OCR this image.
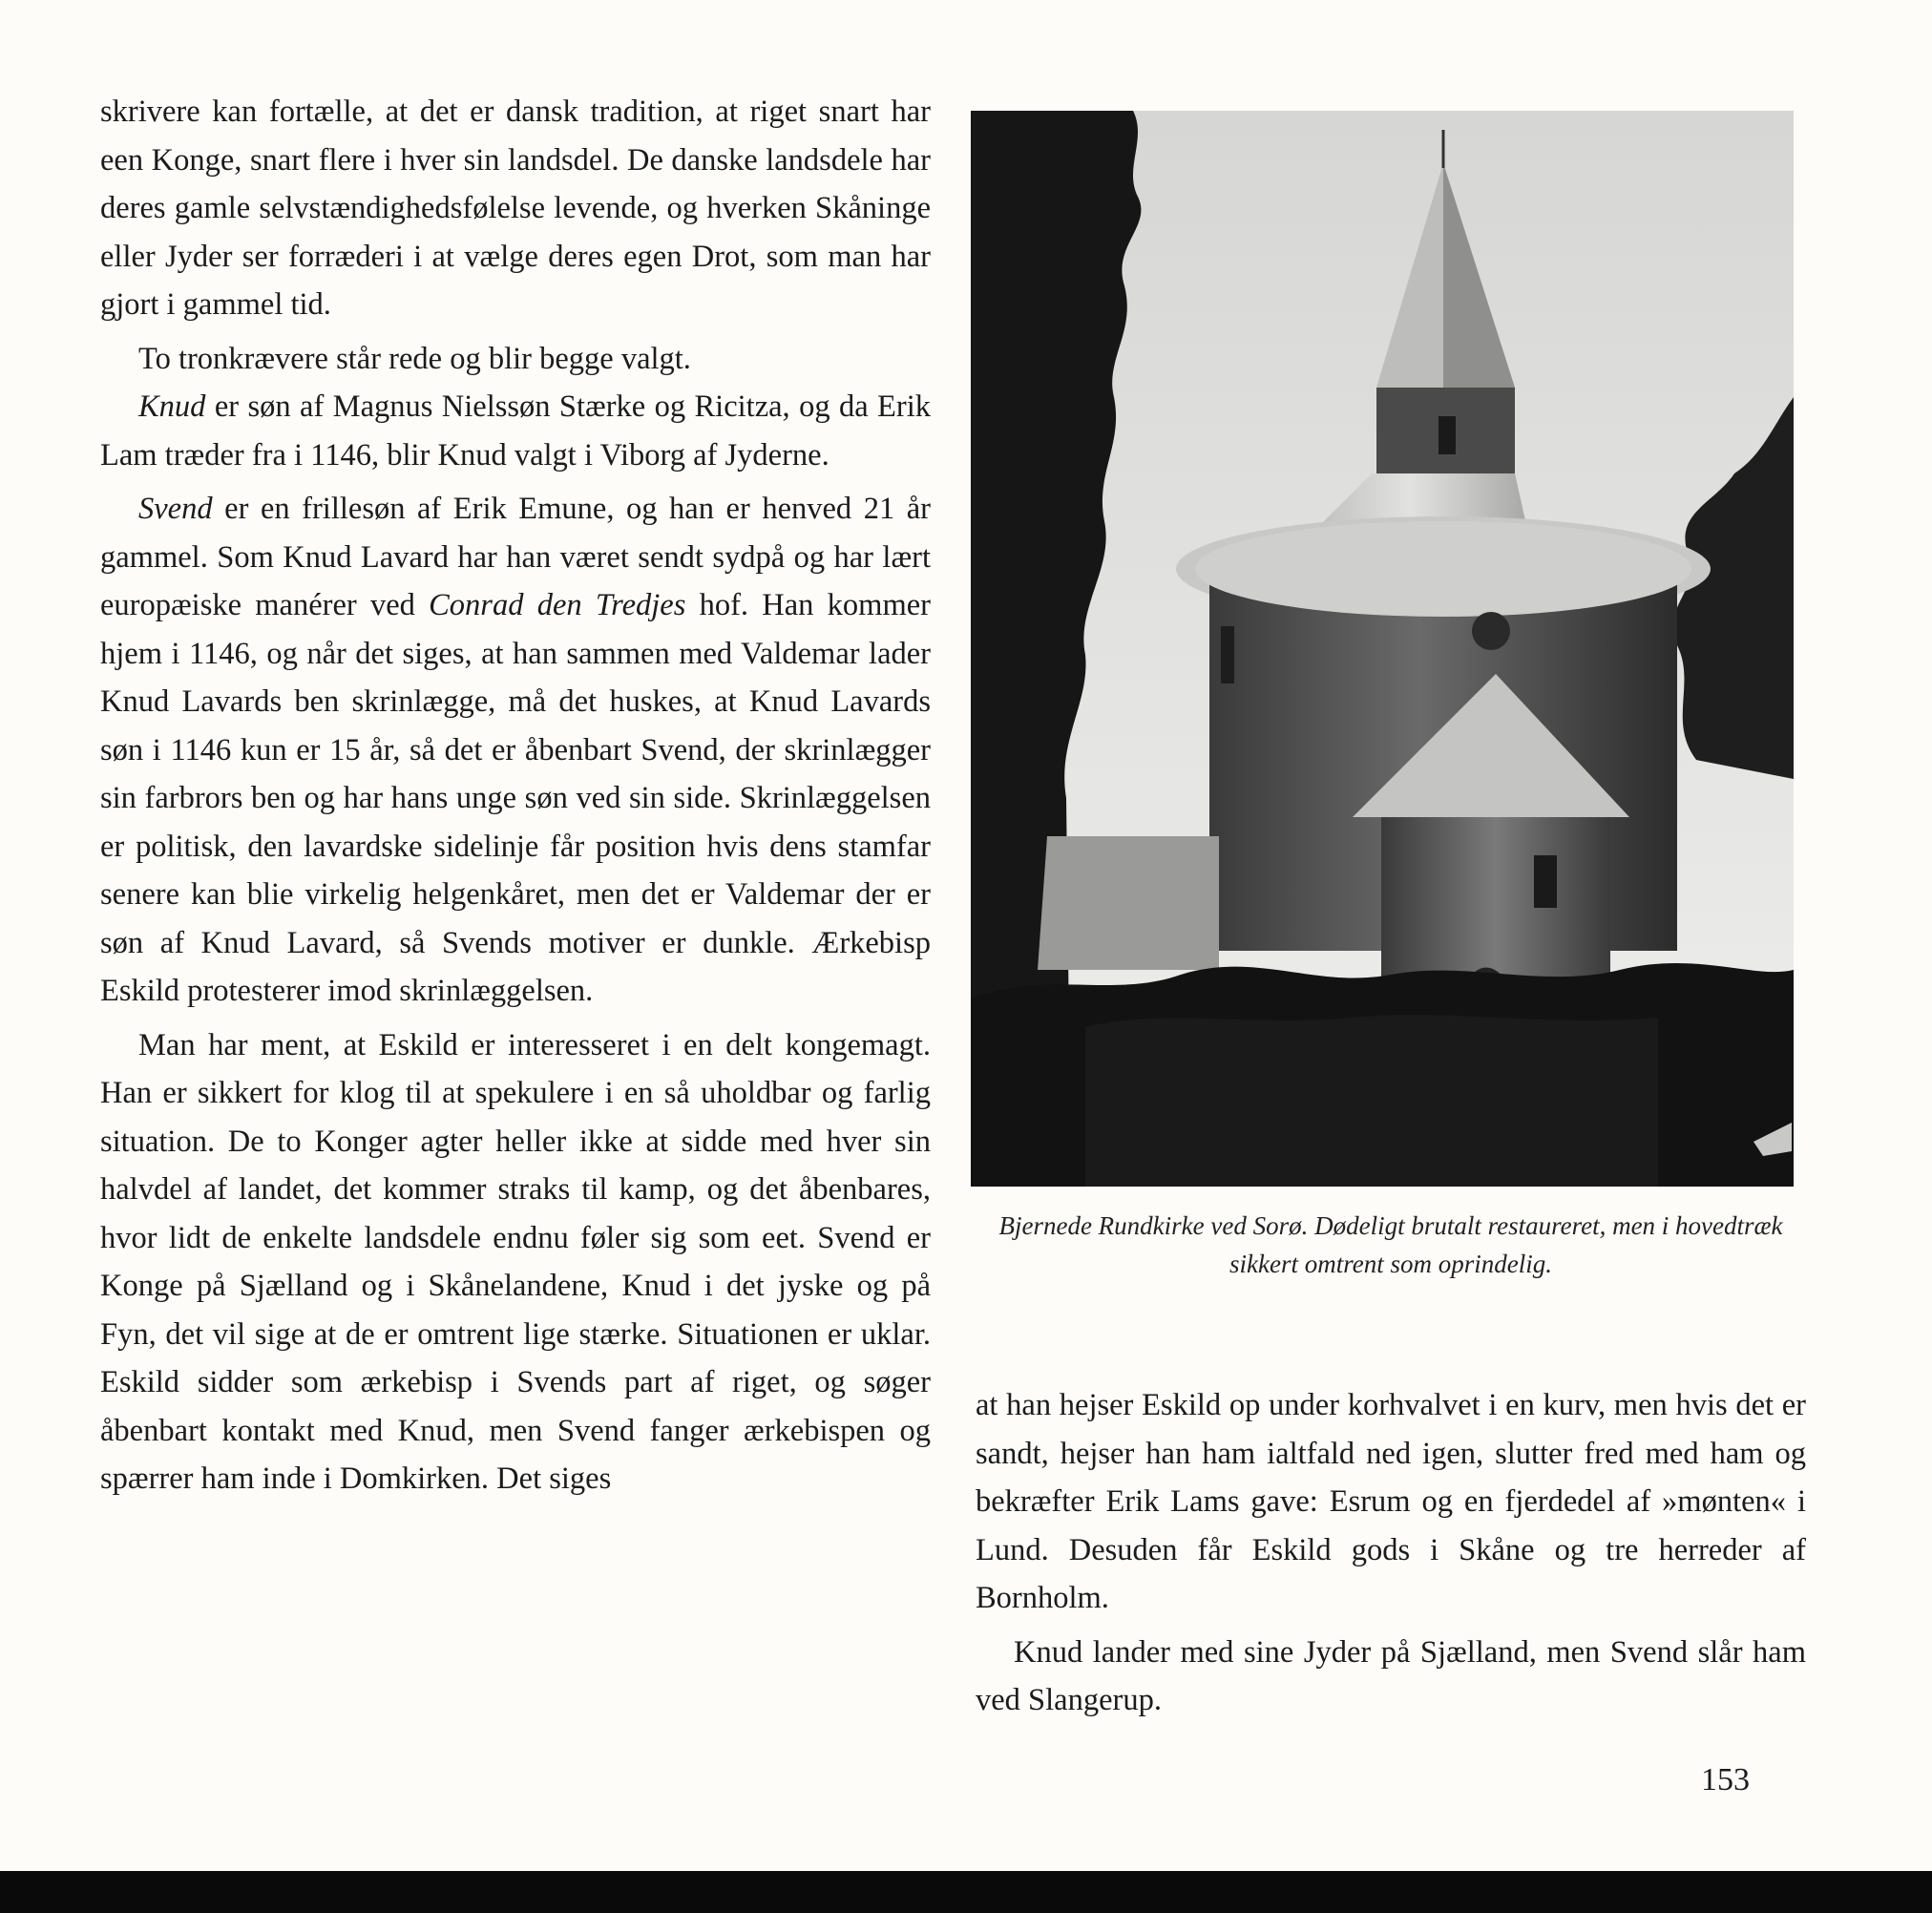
skrivere kan fortælle, at det er dansk tradition, at riget snart har een Konge, snart flere i hver sin landsdel. De danske landsdele har deres gamle selvstændighedsfølelse levende, og hverken Skåninge eller Jyder ser forræderi i at vælge deres egen Drot, som man har gjort i gammel tid.

To tronkrævere står rede og blir begge valgt.

Knud er søn af Magnus Nielssøn Stærke og Ricitza, og da Erik Lam træder fra i 1146, blir Knud valgt i Viborg af Jyderne.

Svend er en frillesøn af Erik Emune, og han er henved 21 år gammel. Som Knud Lavard har han været sendt sydpå og har lært europæiske manérer ved Conrad den Tredjes hof. Han kommer hjem i 1146, og når det siges, at han sammen med Valdemar lader Knud Lavards ben skrinlægge, må det huskes, at Knud Lavards søn i 1146 kun er 15 år, så det er åbenbart Svend, der skrinlægger sin farbrors ben og har hans unge søn ved sin side. Skrinlæggelsen er politisk, den lavardske sidelinje får position hvis dens stamfar senere kan blie virkelig helgenkåret, men det er Valdemar der er søn af Knud Lavard, så Svends motiver er dunkle. Ærkebisp Eskild protesterer imod skrinlæggelsen.

Man har ment, at Eskild er interesseret i en delt kongemagt. Han er sikkert for klog til at spekulere i en så uholdbar og farlig situation. De to Konger agter heller ikke at sidde med hver sin halvdel af landet, det kommer straks til kamp, og det åbenbares, hvor lidt de enkelte landsdele endnu føler sig som eet. Svend er Konge på Sjælland og i Skånelandene, Knud i det jyske og på Fyn, det vil sige at de er omtrent lige stærke. Situationen er uklar. Eskild sidder som ærkebisp i Svends part af riget, og søger åbenbart kontakt med Knud, men Svend fanger ærkebispen og spærrer ham inde i Domkirken. Det siges

Bjernede Rundkirke ved Sorø. Dødeligt brutalt restaureret, men i hovedtræk sikkert omtrent som oprindelig.

at han hejser Eskild op under korhvalvet i en kurv, men hvis det er sandt, hejser han ham ialtfald ned igen, slutter fred med ham og bekræfter Erik Lams gave: Esrum og en fjerdedel af »mønten« i Lund. Desuden får Eskild gods i Skåne og tre herreder af Bornholm.

Knud lander med sine Jyder på Sjælland, men Svend slår ham ved Slangerup.

153
